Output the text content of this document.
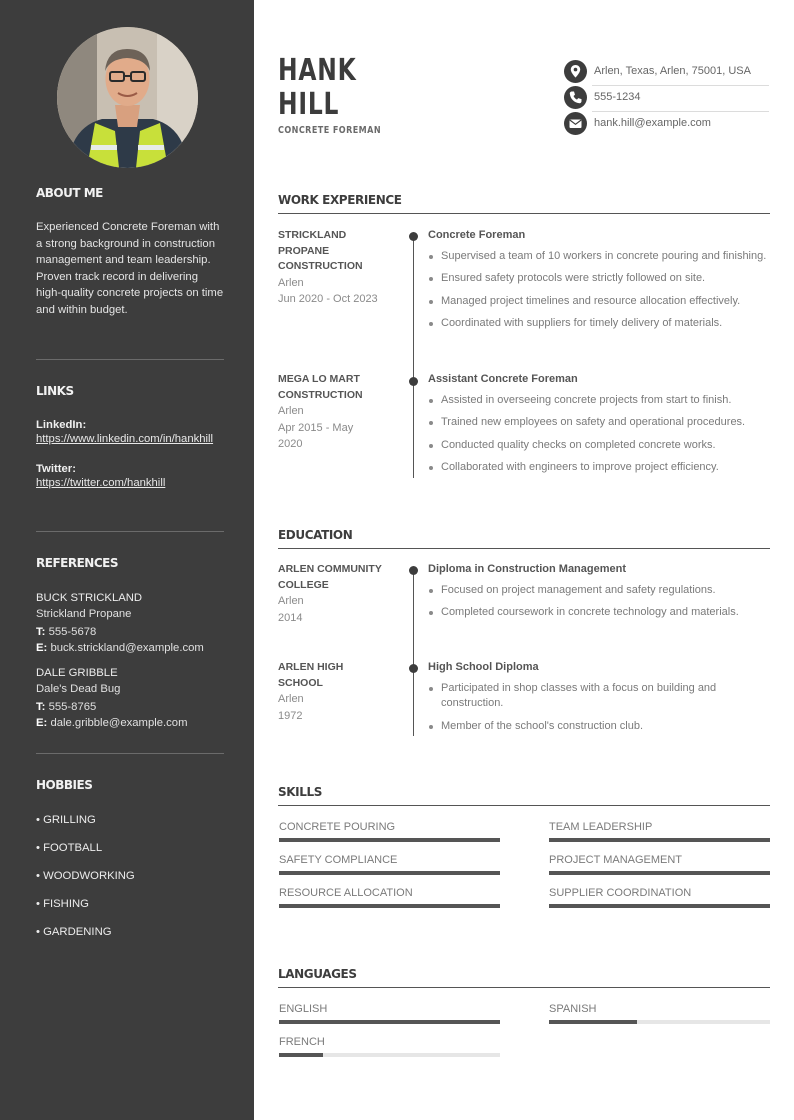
ABOUT ME
Experienced Concrete Foreman with a strong background in construction management and team leadership. Proven track record in delivering high-quality concrete projects on time and within budget.
LINKS
LinkedIn:
https://www.linkedin.com/in/hankhill
Twitter:
https://twitter.com/hankhill
REFERENCES
BUCK STRICKLAND
Strickland Propane
T: 555-5678
E: buck.strickland@example.com
DALE GRIBBLE
Dale's Dead Bug
T: 555-8765
E: dale.gribble@example.com
HOBBIES
• GRILLING
• FOOTBALL
• WOODWORKING
• FISHING
• GARDENING
HANK
HILL
CONCRETE FOREMAN
Arlen, Texas, Arlen, 75001, USA
555-1234
hank.hill@example.com
WORK EXPERIENCE
STRICKLAND PROPANE CONSTRUCTION
Arlen
Jun 2020 - Oct 2023
Concrete Foreman
Supervised a team of 10 workers in concrete pouring and finishing.
Ensured safety protocols were strictly followed on site.
Managed project timelines and resource allocation effectively.
Coordinated with suppliers for timely delivery of materials.
MEGA LO MART CONSTRUCTION
Arlen
Apr 2015 - May 2020
Assistant Concrete Foreman
Assisted in overseeing concrete projects from start to finish.
Trained new employees on safety and operational procedures.
Conducted quality checks on completed concrete works.
Collaborated with engineers to improve project efficiency.
EDUCATION
ARLEN COMMUNITY COLLEGE
Arlen
2014
Diploma in Construction Management
Focused on project management and safety regulations.
Completed coursework in concrete technology and materials.
ARLEN HIGH SCHOOL
Arlen
1972
High School Diploma
Participated in shop classes with a focus on building and construction.
Member of the school's construction club.
SKILLS
CONCRETE POURING	TEAM LEADERSHIP
SAFETY COMPLIANCE	PROJECT MANAGEMENT
RESOURCE ALLOCATION	SUPPLIER COORDINATION
LANGUAGES
ENGLISH	SPANISH
FRENCH
